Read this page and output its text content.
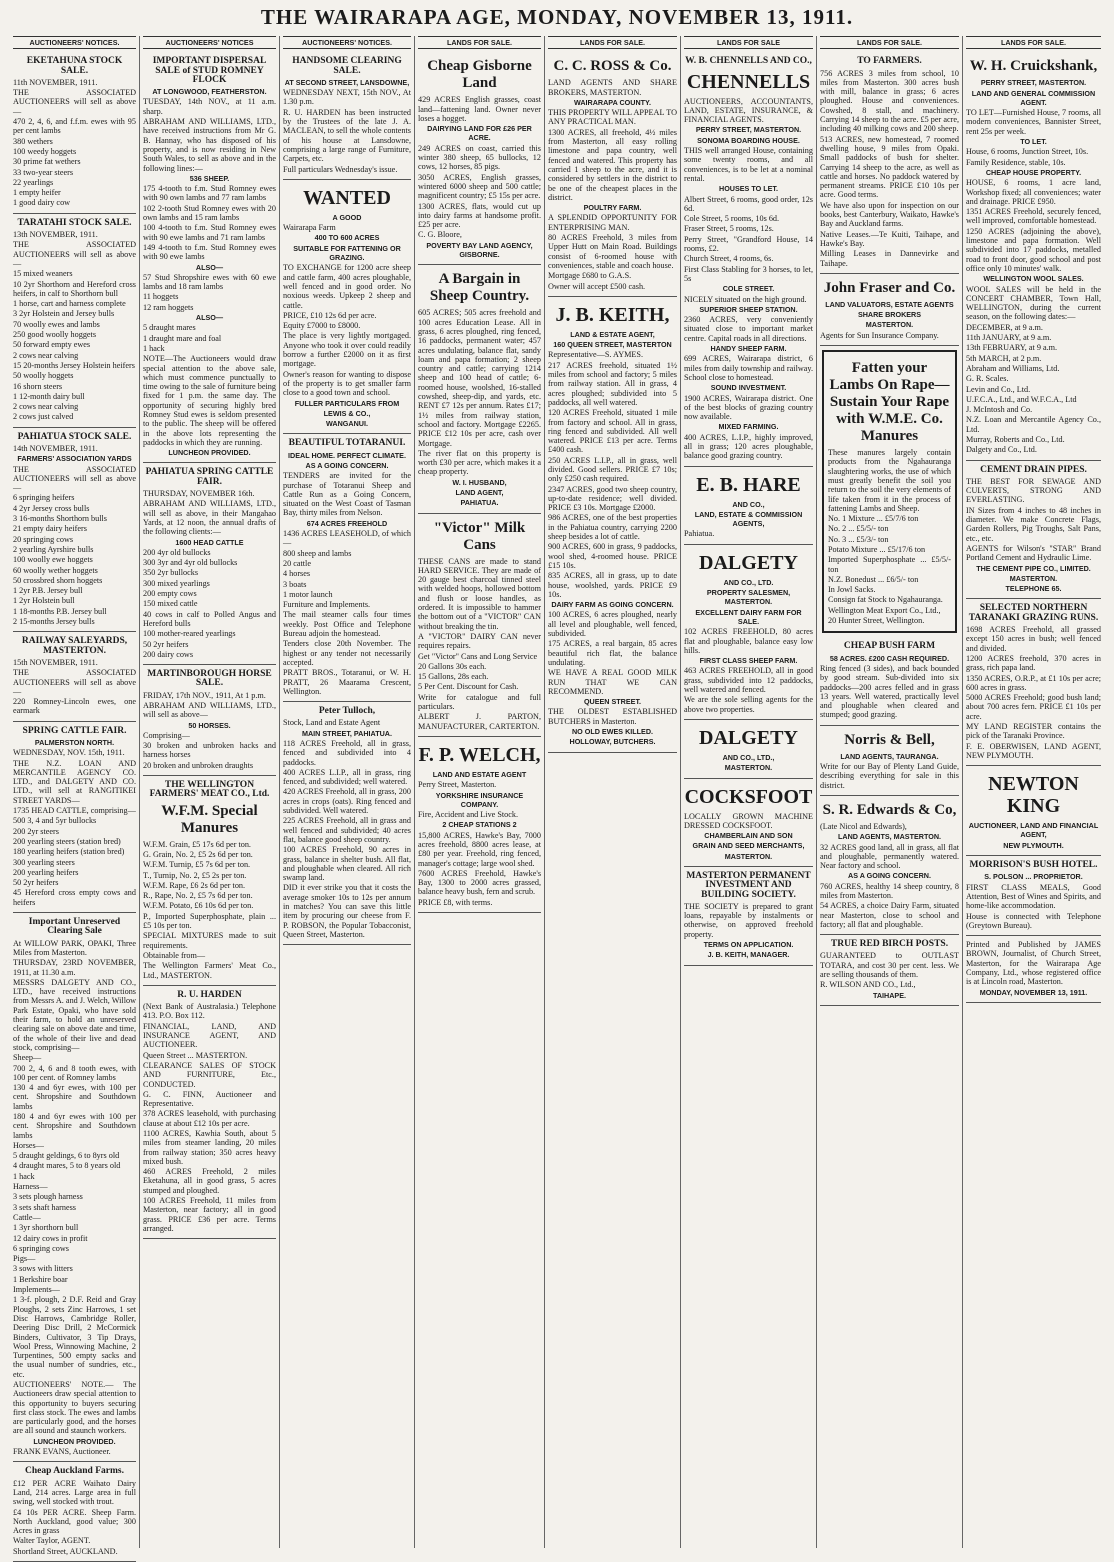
THE WAIRARAPA AGE, MONDAY, NOVEMBER 13, 1911.
AUCTIONEERS' NOTICES.
EKETAHUNA STOCK SALE.

11th NOVEMBER, 1911.

THE ASSOCIATED AUCTIONEERS will sell as above—

470 2, 4, 6, and f.f.m. ewes with 95 per cent lambs

380 wethers

100 weedy hoggets

30 prime fat wethers

33 two-year steers

22 yearlings

1 empty heifer

1 good dairy cow

TARATAHI STOCK SALE.

13th NOVEMBER, 1911.

THE ASSOCIATED AUCTIONEERS will sell as above—

15 mixed weaners

10 2yr Shorthorn and Hereford cross heifers, in calf to Shorthorn bull

1 horse, cart and harness complete

3 2yr Holstein and Jersey bulls

70 woolly ewes and lambs

250 good woolly hoggets

50 forward empty ewes

2 cows near calving

15 20-months Jersey Holstein heifers

50 woolly hoggets

16 shorn steers

1 12-month dairy bull

2 cows near calving

2 cows just calved

PAHIATUA STOCK SALE.

14th NOVEMBER, 1911.

FARMERS' ASSOCIATION YARDS

THE ASSOCIATED AUCTIONEERS will sell as above—

6 springing heifers

4 2yr Jersey cross bulls

3 16-months Shorthorn bulls

21 empty dairy heifers

20 springing cows

2 yearling Ayrshire bulls

100 woolly ewe hoggets

60 woolly wether hoggets

50 crossbred shorn hoggets

1 2yr P.B. Jersey bull

1 2yr Holstein bull

1 18-months P.B. Jersey bull

2 15-months Jersey bulls

RAILWAY SALEYARDS, MASTERTON.

15th NOVEMBER, 1911.

THE ASSOCIATED AUCTIONEERS will sell as above—

220 Romney-Lincoln ewes, one earmark

SPRING CATTLE FAIR.

PALMERSTON NORTH.

WEDNESDAY, NOV. 15th, 1911.

THE N.Z. LOAN AND MERCANTILE AGENCY CO. LTD., and DALGETY AND CO. LTD., will sell at RANGITIKEI STREET YARDS—

1735 HEAD CATTLE, comprising—

500 3, 4 and 5yr bullocks

200 2yr steers

200 yearling steers (station bred)

180 yearling heifers (station bred)

300 yearling steers

200 yearling heifers

50 2yr heifers

45 Hereford cross empty cows and heifers

Important Unreserved Clearing Sale

At WILLOW PARK, OPAKI, Three Miles from Masterton.

THURSDAY, 23RD NOVEMBER, 1911, at 11.30 a.m.

MESSRS DALGETY AND CO., LTD., have received instructions from Messrs A. and J. Welch, Willow Park Estate, Opaki, who have sold their farm, to hold an unreserved clearing sale on above date and time, of the whole of their live and dead stock, comprising—

Sheep—

700 2, 4, 6 and 8 tooth ewes, with 100 per cent. of Romney lambs

130 4 and 6yr ewes, with 100 per cent. Shropshire and Southdown lambs

180 4 and 6yr ewes with 100 per cent. Shropshire and Southdown lambs

Horses—

5 draught geldings, 6 to 8yrs old

4 draught mares, 5 to 8 years old

1 hack

Harness—

3 sets plough harness

3 sets shaft harness

Cattle—

1 3yr shorthorn bull

12 dairy cows in profit

6 springing cows

Pigs—

3 sows with litters

1 Berkshire boar

Implements—

1 3-f. plough, 2 D.F. Reid and Gray Ploughs, 2 sets Zinc Harrows, 1 set Disc Harrows, Cambridge Roller, Deering Disc Drill, 2 McCormick Binders, Cultivator, 3 Tip Drays, Wool Press, Winnowing Machine, 2 Turpentines, 500 empty sacks and the usual number of sundries, etc., etc.

AUCTIONEERS' NOTE.— The Auctioneers draw special attention to this opportunity to buyers securing first class stock. The ewes and lambs are particularly good, and the horses are all sound and staunch workers.

LUNCHEON PROVIDED.

FRANK EVANS, Auctioneer.

Cheap Auckland Farms.

£12 PER ACRE Waihato Dairy Land, 214 acres. Large area in full swing, well stocked with trout.

£4 10s PER ACRE. Sheep Farm. North Auckland, good value; 300 Acres in grass

Walter Taylor, AGENT.

Shortland Street, AUCKLAND.

AUCTIONEERS' NOTICES
IMPORTANT DISPERSAL SALE of STUD ROMNEY FLOCK

AT LONGWOOD, FEATHERSTON.

TUESDAY, 14th NOV., at 11 a.m. sharp.

ABRAHAM AND WILLIAMS, LTD., have received instructions from Mr G. B. Hannay, who has disposed of his property, and is now residing in New South Wales, to sell as above and in the following lines:—

536 SHEEP.

175 4-tooth to f.m. Stud Romney ewes with 90 own lambs and 77 ram lambs

102 2-tooth Stud Romney ewes with 20 own lambs and 15 ram lambs

100 4-tooth to f.m. Stud Romney ewes with 90 ewe lambs and 71 ram lambs

149 4-tooth to f.m. Stud Romney ewes with 90 ewe lambs

ALSO—

57 Stud Shropshire ewes with 60 ewe lambs and 18 ram lambs

11 hoggets

12 ram hoggets

ALSO—

5 draught mares

1 draught mare and foal

1 hack

NOTE—The Auctioneers would draw special attention to the above sale, which must commence punctually to time owing to the sale of furniture being fixed for 1 p.m. the same day. The opportunity of securing highly bred Romney Stud ewes is seldom presented to the public. The sheep will be offered in the above lots representing the paddocks in which they are running.

LUNCHEON PROVIDED.

PAHIATUA SPRING CATTLE FAIR.

THURSDAY, NOVEMBER 16th.

ABRAHAM AND WILLIAMS, LTD., will sell as above, in their Mangahao Yards, at 12 noon, the annual drafts of the following clients:—

1600 HEAD CATTLE

200 4yr old bullocks

300 3yr and 4yr old bullocks

350 2yr bullocks

300 mixed yearlings

200 empty cows

150 mixed cattle

40 cows in calf to Polled Angus and Hereford bulls

100 mother-reared yearlings

50 2yr heifers

200 dairy cows

MARTINBOROUGH HORSE SALE.

FRIDAY, 17th NOV., 1911, At 1 p.m.

ABRAHAM AND WILLIAMS, LTD., will sell as above—

50 HORSES.

Comprising—

30 broken and unbroken hacks and harness horses

20 broken and unbroken draughts

THE WELLINGTON FARMERS' MEAT CO., Ltd.
W.F.M. Special Manures

W.F.M. Grain, £5 17s 6d per ton.

G. Grain, No. 2, £5 2s 6d per ton.

W.F.M. Turnip, £5 7s 6d per ton.

T., Turnip, No. 2, £5 2s per ton.

W.F.M. Rape, £6 2s 6d per ton.

R., Rape, No. 2, £5 7s 6d per ton.

W.F.M. Potato, £6 10s 6d per ton.

P., Imported Superphosphate, plain ... £5 10s per ton.

SPECIAL MIXTURES made to suit requirements.

Obtainable from—

The Wellington Farmers' Meat Co., Ltd., MASTERTON.

R. U. HARDEN

(Next Bank of Australasia.) Telephone 413. P.O. Box 112.

FINANCIAL, LAND, AND INSURANCE AGENT, AND AUCTIONEER.

Queen Street ... MASTERTON.

CLEARANCE SALES OF STOCK AND FURNITURE, Etc., CONDUCTED.

G. C. FINN, Auctioneer and Representative.

378 ACRES leasehold, with purchasing clause at about £12 10s per acre.

1100 ACRES, Kawhia South, about 5 miles from steamer landing, 20 miles from railway station; 350 acres heavy mixed bush.

460 ACRES Freehold, 2 miles Eketahuna, all in good grass, 5 acres stumped and ploughed.

100 ACRES Freehold, 11 miles from Masterton, near factory; all in good grass. PRICE £36 per acre. Terms arranged.

AUCTIONEERS' NOTICES.
HANDSOME CLEARING SALE.

AT SECOND STREET, LANSDOWNE,

WEDNESDAY NEXT, 15th NOV., At 1.30 p.m.

R. U. HARDEN has been instructed by the Trustees of the late J. A. MACLEAN, to sell the whole contents of his house at Lansdowne, comprising a large range of Furniture, Carpets, etc.

Full particulars Wednesday's issue.

WANTED

A GOOD

Wairarapa Farm

400 TO 600 ACRES

SUITABLE FOR FATTENING OR GRAZING.

TO EXCHANGE for 1200 acre sheep and cattle farm, 400 acres ploughable, well fenced and in good order. No noxious weeds. Upkeep 2 sheep and cattle.

PRICE, £10 12s 6d per acre.

Equity £7000 to £8000.

The place is very lightly mortgaged. Anyone who took it over could readily borrow a further £2000 on it as first mortgage.

Owner's reason for wanting to dispose of the property is to get smaller farm close to a good town and school.

FULLER PARTICULARS FROM

LEWIS & CO.,

WANGANUI.

BEAUTIFUL TOTARANUI.

IDEAL HOME. PERFECT CLIMATE.

AS A GOING CONCERN.

TENDERS are invited for the purchase of Totaranui Sheep and Cattle Run as a Going Concern, situated on the West Coast of Tasman Bay, thirty miles from Nelson.

674 ACRES FREEHOLD

1436 ACRES LEASEHOLD, of which—

800 sheep and lambs

20 cattle

4 horses

3 boats

1 motor launch

Furniture and Implements.

The mail steamer calls four times weekly. Post Office and Telephone Bureau adjoin the homestead.

Tenders close 20th November. The highest or any tender not necessarily accepted.

PRATT BROS., Totaranui, or W. H. PRATT, 26 Maarama Crescent, Wellington.

Peter Tulloch,

Stock, Land and Estate Agent

MAIN STREET, PAHIATUA.

118 ACRES Freehold, all in grass, fenced and subdivided into 4 paddocks.

400 ACRES L.I.P., all in grass, ring fenced, and subdivided; well watered.

420 ACRES Freehold, all in grass, 200 acres in crops (oats). Ring fenced and subdivided. Well watered.

225 ACRES Freehold, all in grass and well fenced and subdivided; 40 acres flat, balance good sheep country.

100 ACRES Freehold, 90 acres in grass, balance in shelter bush. All flat, and ploughable when cleared. All rich swamp land.

DID it ever strike you that it costs the average smoker 10s to 12s per annum in matches? You can save this little item by procuring our cheese from F. P. ROBSON, the Popular Tobacconist, Queen Street, Masterton.

LANDS FOR SALE.
Cheap Gisborne Land

429 ACRES English grasses, coast land—fattening land. Owner never loses a hogget.

DAIRYING LAND FOR £26 PER ACRE.

249 ACRES on coast, carried this winter 380 sheep, 65 bullocks, 12 cows, 12 horses, 85 pigs.

3050 ACRES, English grasses, wintered 6000 sheep and 500 cattle; magnificent country; £5 15s per acre.

1300 ACRES, flats, would cut up into dairy farms at handsome profit. £25 per acre.

C. G. Bloore,

POVERTY BAY LAND AGENCY, GISBORNE.

A Bargain in Sheep Country.

605 ACRES; 505 acres freehold and 100 acres Education Lease. All in grass, 6 acres ploughed, ring fenced, 16 paddocks, permanent water; 457 acres undulating, balance flat, sandy loam and papa formation; 2 sheep country and cattle; carrying 1214 sheep and 100 head of cattle; 6-roomed house, woolshed, 16-stalled cowshed, sheep-dip, and yards, etc. RENT £7 12s per annum. Rates £17; 1½ miles from railway station, school and factory. Mortgage £2265. PRICE £12 10s per acre, cash over Mortgage.

The river flat on this property is worth £30 per acre, which makes it a cheap property.

W. I. HUSBAND,

LAND AGENT,

PAHIATUA.

"Victor" Milk Cans

THESE CANS are made to stand HARD SERVICE. They are made of 20 gauge best charcoal tinned steel with welded hoops, hollowed bottom and flush or loose handles, as ordered. It is impossible to hammer the bottom out of a "VICTOR" CAN without breaking the tin.

A "VICTOR" DAIRY CAN never requires repairs.

Get "Victor" Cans and Long Service

20 Gallons 30s each.

15 Gallons, 28s each.

5 Per Cent. Discount for Cash.

Write for catalogue and full particulars.

ALBERT J. PARTON, MANUFACTURER, CARTERTON.

F. P. WELCH,

LAND AND ESTATE AGENT

Perry Street, Masterton.

YORKSHIRE INSURANCE COMPANY.

Fire, Accident and Live Stock.

2 CHEAP STATIONS 2

15,800 ACRES, Hawke's Bay, 7000 acres freehold, 8800 acres lease, at £80 per year. Freehold, ring fenced, manager's cottage; large wool shed.

7600 ACRES Freehold, Hawke's Bay, 1300 to 2000 acres grassed, balance heavy bush, fern and scrub.

PRICE £8, with terms.

LANDS FOR SALE.
C. C. ROSS & Co.

LAND AGENTS AND SHARE BROKERS, MASTERTON.

WAIRARAPA COUNTY.

THIS PROPERTY WILL APPEAL TO ANY PRACTICAL MAN.

1300 ACRES, all freehold, 4½ miles from Masterton, all easy rolling limestone and papa country, well fenced and watered. This property has carried 1 sheep to the acre, and it is considered by settlers in the district to be one of the cheapest places in the district.

POULTRY FARM.

A SPLENDID OPPORTUNITY FOR ENTERPRISING MAN.

80 ACRES Freehold, 3 miles from Upper Hutt on Main Road. Buildings consist of 6-roomed house with conveniences, stable and coach house.

Mortgage £680 to G.A.S.

Owner will accept £500 cash.

J. B. KEITH,

LAND & ESTATE AGENT,

160 QUEEN STREET, MASTERTON

Representative—S. AYMES.

217 ACRES freehold, situated 1½ miles from school and factory; 5 miles from railway station. All in grass, 4 acres ploughed; subdivided into 5 paddocks, all well watered.

120 ACRES Freehold, situated 1 mile from factory and school. All in grass, ring fenced and subdivided. All well watered. PRICE £13 per acre. Terms £400 cash.

250 ACRES L.I.P., all in grass, well divided. Good sellers. PRICE £7 10s; only £250 cash required.

2347 ACRES, good two sheep country, up-to-date residence; well divided. PRICE £3 10s. Mortgage £2000.

986 ACRES, one of the best properties in the Pahiatua country, carrying 2200 sheep besides a lot of cattle.

900 ACRES, 600 in grass, 9 paddocks, wool shed, 4-roomed house. PRICE £15 10s.

835 ACRES, all in grass, up to date house, woolshed, yards. PRICE £9 10s.

DAIRY FARM AS GOING CONCERN.

100 ACRES, 6 acres ploughed, nearly all level and ploughable, well fenced, subdivided.

175 ACRES, a real bargain, 85 acres beautiful rich flat, the balance undulating.

WE HAVE A REAL GOOD MILK RUN THAT WE CAN RECOMMEND.

QUEEN STREET.

THE OLDEST ESTABLISHED BUTCHERS in Masterton.

NO OLD EWES KILLED.

HOLLOWAY, BUTCHERS.

LANDS FOR SALE
W. B. CHENNELLS AND CO.,
CHENNELLS

AUCTIONEERS, ACCOUNTANTS, LAND, ESTATE, INSURANCE, & FINANCIAL AGENTS.

PERRY STREET, MASTERTON.

SONOMA BOARDING HOUSE.

THIS well arranged House, containing some twenty rooms, and all conveniences, is to be let at a nominal rental.

HOUSES TO LET.

Albert Street, 6 rooms, good order, 12s 6d.

Cole Street, 5 rooms, 10s 6d.

Fraser Street, 5 rooms, 12s.

Perry Street, "Grandford House, 14 rooms, £2.

Church Street, 4 rooms, 6s.

First Class Stabling for 3 horses, to let, 5s

COLE STREET.

NICELY situated on the high ground.

SUPERIOR SHEEP STATION.

2360 ACRES, very conveniently situated close to important market centre. Capital roads in all directions.

HANDY SHEEP FARM.

699 ACRES, Wairarapa district, 6 miles from daily township and railway. School close to homestead.

SOUND INVESTMENT.

1900 ACRES, Wairarapa district. One of the best blocks of grazing country now available.

MIXED FARMING.

400 ACRES, L.I.P., highly improved, all in grass; 120 acres ploughable, balance good grazing country.

E. B. HARE

AND CO.,

LAND, ESTATE & COMMISSION AGENTS,

Pahiatua.

DALGETY

AND CO., LTD.

PROPERTY SALESMEN, MASTERTON.

EXCELLENT DAIRY FARM FOR SALE.

102 ACRES FREEHOLD, 80 acres flat and ploughable, balance easy low hills.

FIRST CLASS SHEEP FARM.

463 ACRES FREEHOLD, all in good grass, subdivided into 12 paddocks, well watered and fenced.

We are the sole selling agents for the above two properties.

DALGETY

AND CO., LTD.,

MASTERTON.

COCKSFOOT

LOCALLY GROWN MACHINE DRESSED COCKSFOOT.

CHAMBERLAIN AND SON

GRAIN AND SEED MERCHANTS,

MASTERTON.

MASTERTON PERMANENT INVESTMENT AND BUILDING SOCIETY.

THE SOCIETY is prepared to grant loans, repayable by instalments or otherwise, on approved freehold property.

TERMS ON APPLICATION.

J. B. KEITH, MANAGER.

LANDS FOR SALE.
TO FARMERS.

756 ACRES 3 miles from school, 10 miles from Masterton. 300 acres bush with mill, balance in grass; 6 acres ploughed. House and conveniences. Cowshed, 8 stall, and machinery. Carrying 14 sheep to the acre. £5 per acre, including 40 milking cows and 200 sheep.

513 ACRES, new homestead, 7 roomed dwelling house, 9 miles from Opaki. Small paddocks of bush for shelter. Carrying 14 sheep to the acre, as well as cattle and horses. No paddock watered by permanent streams. PRICE £10 10s per acre. Good terms.

We have also upon for inspection on our books, best Canterbury, Waikato, Hawke's Bay and Auckland farms.

Native Leases.—Te Kuiti, Taihape, and Hawke's Bay.

Milling Leases in Dannevirke and Taihape.

John Fraser and Co.

LAND VALUATORS, ESTATE AGENTS

SHARE BROKERS

MASTERTON.

Agents for Sun Insurance Company.

Fatten your Lambs On Rape—Sustain Your Rape with W.M.E. Co. Manures

These manures largely contain products from the Ngahauranga slaughtering works, the use of which must greatly benefit the soil you return to the soil the very elements of life taken from it in the process of fattening Lambs and Sheep.

No. 1 Mixture ... £5/7/6 ton

No. 2 ... £5/5/- ton

No. 3 ... £5/3/- ton

Potato Mixture ... £5/17/6 ton

Imported Superphosphate ... £5/5/- ton

N.Z. Bonedust ... £6/5/- ton

In Jowl Sacks.

Consign fat Stock to Ngahauranga.

Wellington Meat Export Co., Ltd.,

20 Hunter Street, Wellington.

CHEAP BUSH FARM

58 ACRES. £200 CASH REQUIRED.

Ring fenced (3 sides), and back bounded by good stream. Sub-divided into six paddocks—200 acres felled and in grass 13 years. Well watered, practically level and ploughable when cleared and stumped; good grazing.

Norris & Bell,

LAND AGENTS, TAURANGA.

Write for our Bay of Plenty Land Guide, describing everything for sale in this district.

S. R. Edwards & Co,

(Late Nicol and Edwards),

LAND AGENTS, MASTERTON.

32 ACRES good land, all in grass, all flat and ploughable, permanently watered. Near factory and school.

AS A GOING CONCERN.

760 ACRES, healthy 14 sheep country, 8 miles from Masterton.

54 ACRES, a choice Dairy Farm, situated near Masterton, close to school and factory; all flat and ploughable.

TRUE RED BIRCH POSTS.

GUARANTEED to OUTLAST TOTARA, and cost 30 per cent. less. We are selling thousands of them.

R. WILSON AND CO., Ltd.,

TAIHAPE.

LANDS FOR SALE.
W. H. Cruickshank,

PERRY STREET, MASTERTON.

LAND AND GENERAL COMMISSION AGENT.

TO LET—Furnished House, 7 rooms, all modern conveniences, Bannister Street, rent 25s per week.

TO LET.

House, 6 rooms, Junction Street, 10s.

Family Residence, stable, 10s.

CHEAP HOUSE PROPERTY.

HOUSE, 6 rooms, 1 acre land, Workshop fixed; all conveniences; water and drainage. PRICE £950.

1351 ACRES Freehold, securely fenced, well improved, comfortable homestead.

1250 ACRES (adjoining the above), limestone and papa formation. Well subdivided into 17 paddocks, metalled road to front door, good school and post office only 10 minutes' walk.

WELLINGTON WOOL SALES.

WOOL SALES will be held in the CONCERT CHAMBER, Town Hall, WELLINGTON, during the current season, on the following dates:—

DECEMBER, at 9 a.m.

11th JANUARY, at 9 a.m.

13th FEBRUARY, at 9 a.m.

5th MARCH, at 2 p.m.

Abraham and Williams, Ltd.

G. R. Scales.

Levin and Co., Ltd.

U.F.C.A., Ltd., and W.F.C.A., Ltd

J. McIntosh and Co.

N.Z. Loan and Mercantile Agency Co., Ltd.

Murray, Roberts and Co., Ltd.

Dalgety and Co., Ltd.

CEMENT DRAIN PIPES.

THE BEST FOR SEWAGE AND CULVERTS, STRONG AND EVERLASTING.

IN Sizes from 4 inches to 48 inches in diameter. We make Concrete Flags, Garden Rollers, Pig Troughs, Salt Pans, etc., etc.

AGENTS for Wilson's "STAR" Brand Portland Cement and Hydraulic Lime.

THE CEMENT PIPE CO., LIMITED.

MASTERTON.

TELEPHONE 65.

SELECTED NORTHERN TARANAKI GRAZING RUNS.

1698 ACRES Freehold, all grassed except 150 acres in bush; well fenced and divided.

1200 ACRES freehold, 370 acres in grass, rich papa land.

1350 ACRES, O.R.P., at £1 10s per acre; 600 acres in grass.

5000 ACRES Freehold; good bush land; about 700 acres fern. PRICE £1 10s per acre.

MY LAND REGISTER contains the pick of the Taranaki Province.

F. E. OBERWISEN, LAND AGENT, NEW PLYMOUTH.

NEWTON KING

AUCTIONEER, LAND AND FINANCIAL AGENT,

NEW PLYMOUTH.

MORRISON'S BUSH HOTEL.

S. POLSON ... PROPRIETOR.

FIRST CLASS MEALS, Good Attention, Best of Wines and Spirits, and home-like accommodation.

House is connected with Telephone (Greytown Bureau).

Printed and Published by JAMES BROWN, Journalist, of Church Street, Masterton, for the Wairarapa Age Company, Ltd., whose registered office is at Lincoln road, Masterton.

MONDAY, NOVEMBER 13, 1911.
